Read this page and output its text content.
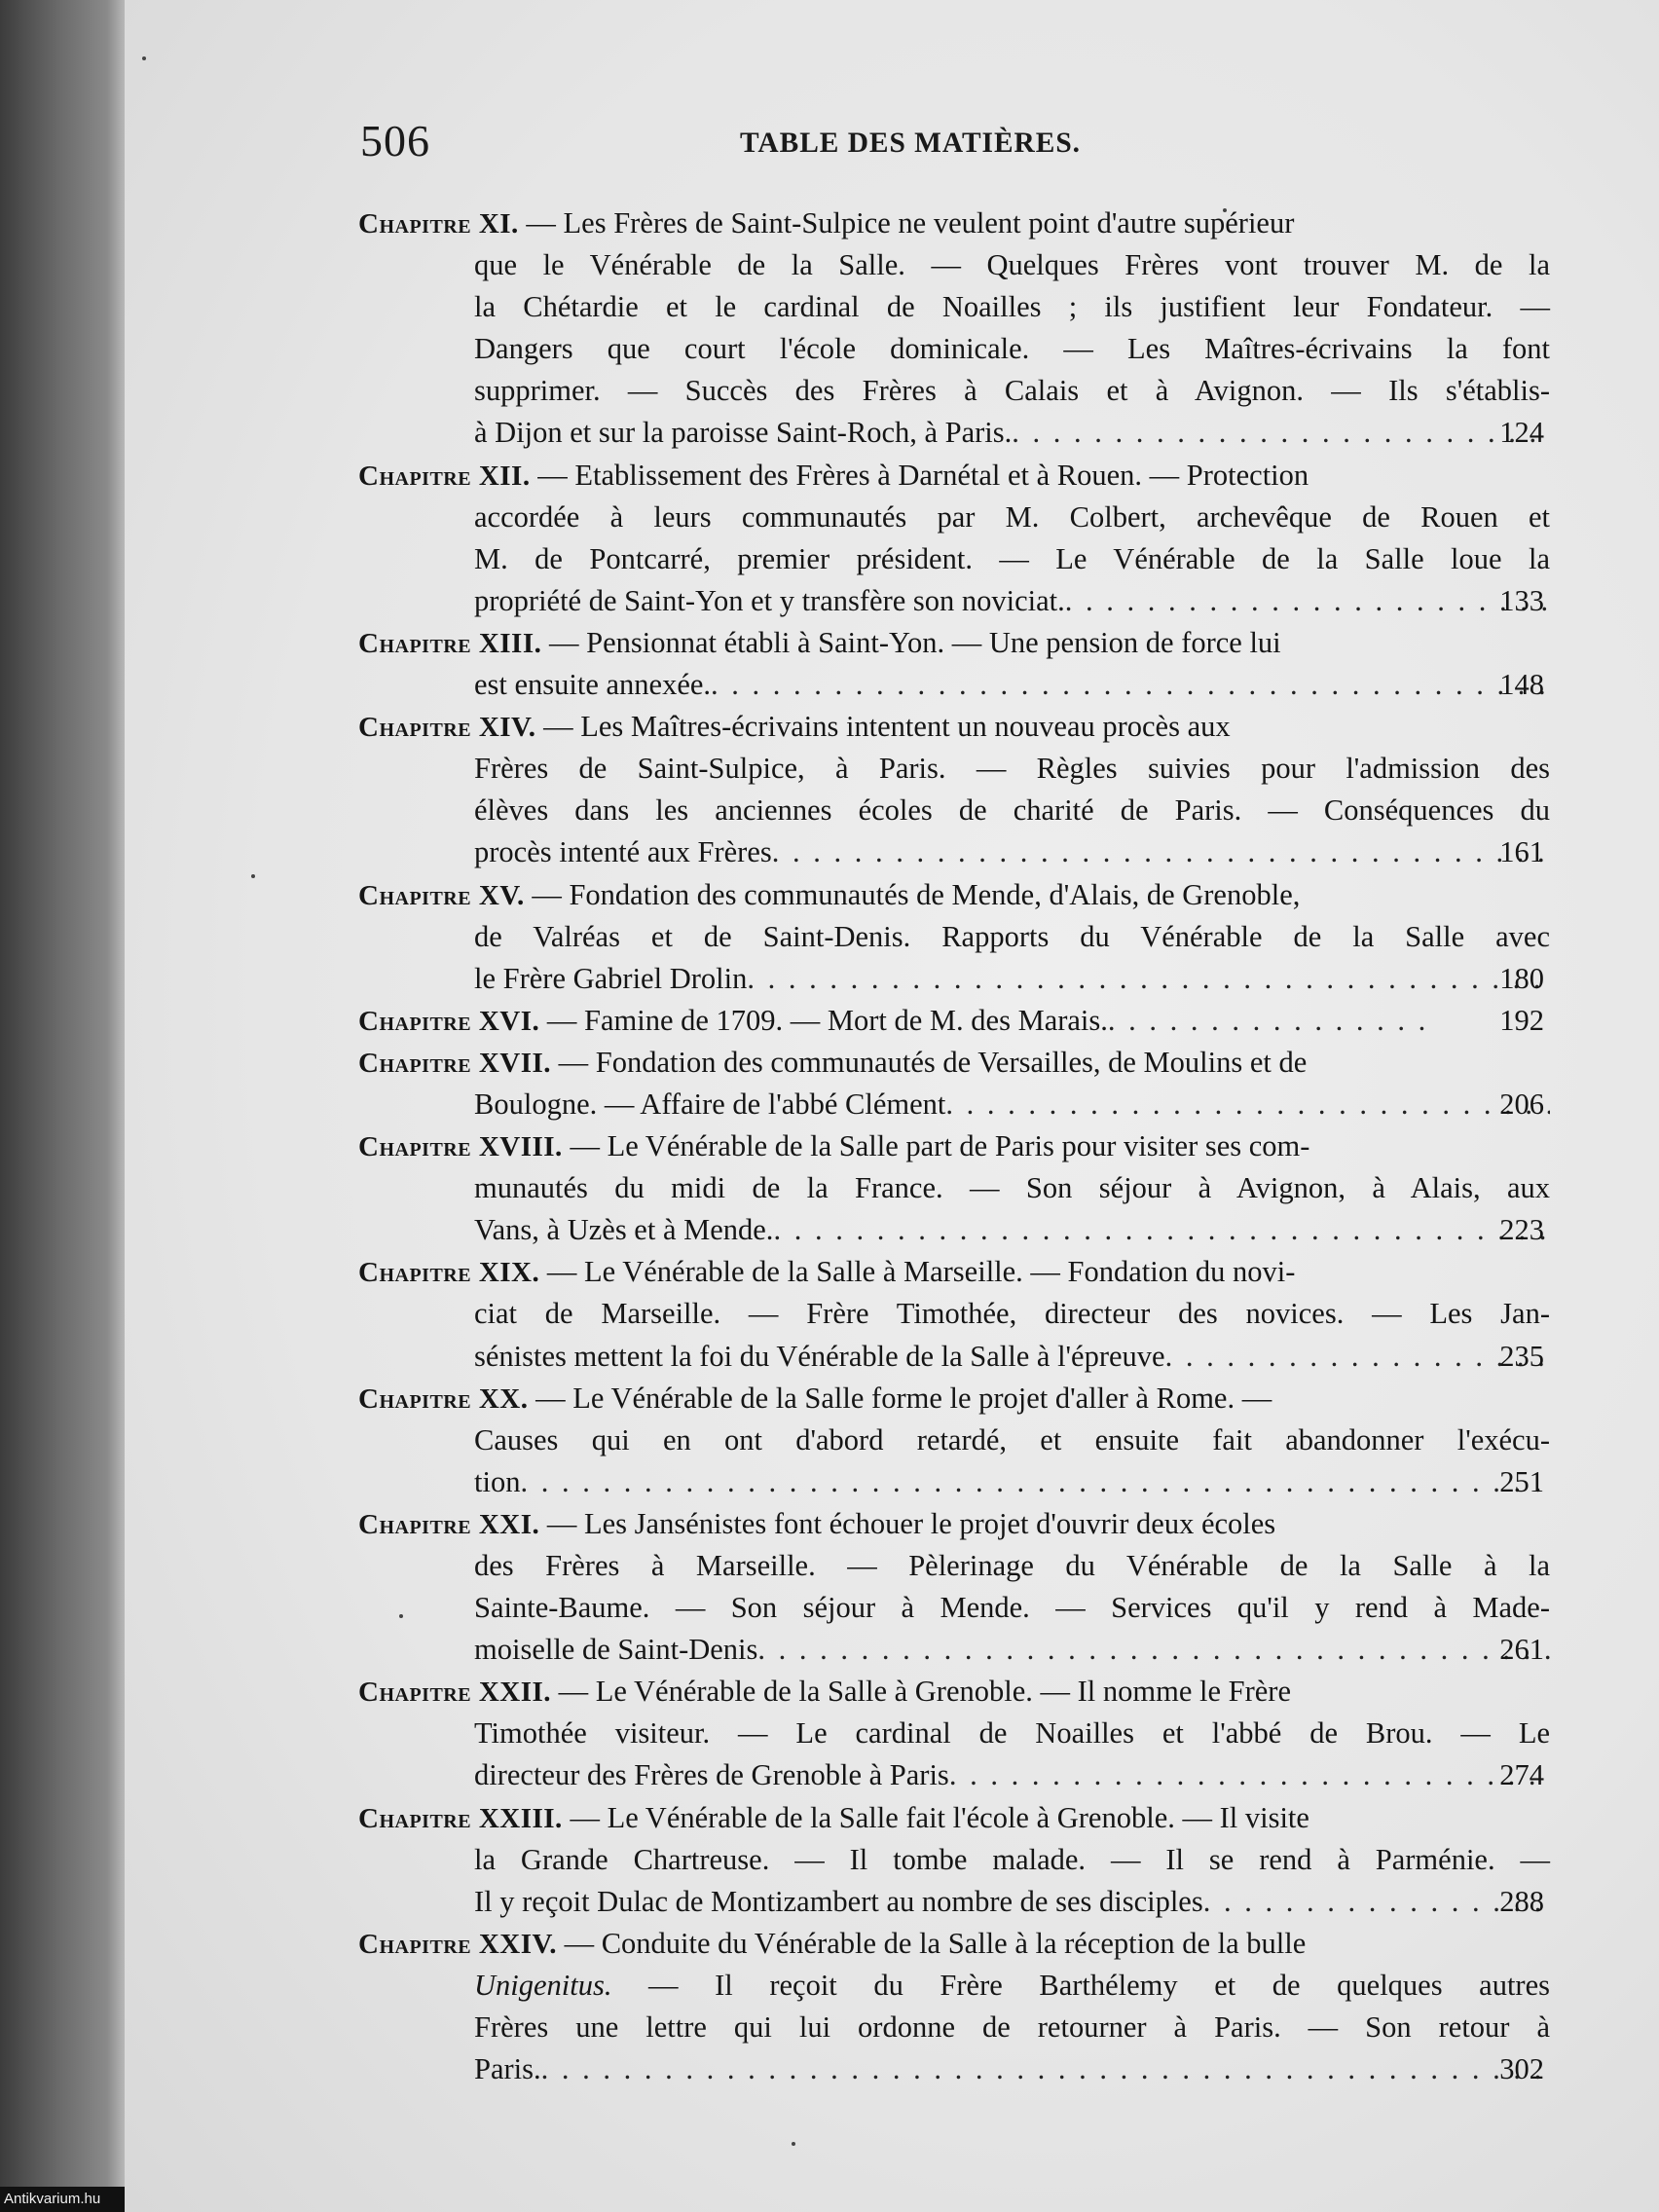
506	TABLE DES MATIÈRES.
Chapitre XI. — Les Frères de Saint-Sulpice ne veulent point d'autre supérieur
que le Vénérable de la Salle. — Quelques Frères vont trouver M. de la
la Chétardie et le cardinal de Noailles ; ils justifient leur Fondateur. —
Dangers que court l'école dominicale. — Les Maîtres-écrivains la font
supprimer. — Succès des Frères à Calais et à Avignon. — Ils s'établis-
à Dijon et sur la paroisse Saint-Roch, à Paris. . .	124
Chapitre XII. — Etablissement des Frères à Darnétal et à Rouen. — Protection
accordée à leurs communautés par M. Colbert, archevêque de Rouen et
M. de Pontcarré, premier président. — Le Vénérable de la Salle loue la
propriété de Saint-Yon et y transfère son noviciat. . .	133
Chapitre XIII. — Pensionnat établi à Saint-Yon. — Une pension de force lui
est ensuite annexée. . .	148
Chapitre XIV. — Les Maîtres-écrivains intentent un nouveau procès aux
Frères de Saint-Sulpice, à Paris. — Règles suivies pour l'admission des
élèves dans les anciennes écoles de charité de Paris. — Conséquences du
procès intenté aux Frères . .	161
Chapitre XV. — Fondation des communautés de Mende, d'Alais, de Grenoble,
de Valréas et de Saint-Denis. Rapports du Vénérable de la Salle avec
le Frère Gabriel Drolin . .	180
Chapitre XVI.
— Famine de 1709. — Mort de M. des Marais. . .	192
Chapitre XVII. — Fondation des communautés de Versailles, de Moulins et de
Boulogne. — Affaire de l'abbé Clément . .	206
Chapitre XVIII. — Le Vénérable de la Salle part de Paris pour visiter ses com-
munautés du midi de la France. — Son séjour à Avignon, à Alais, aux
Vans, à Uzès et à Mende. . .	223
Chapitre XIX. — Le Vénérable de la Salle à Marseille. — Fondation du novi-
ciat de Marseille. — Frère Timothée, directeur des novices. — Les Jan-
sénistes mettent la foi du Vénérable de la Salle à l'épreuve . .	235
Chapitre XX. — Le Vénérable de la Salle forme le projet d'aller à Rome. —
Causes qui en ont d'abord retardé, et ensuite fait abandonner l'exécu-
tion . .	251
Chapitre XXI. — Les Jansénistes font échouer le projet d'ouvrir deux écoles
des Frères à Marseille. — Pèlerinage du Vénérable de la Salle à la
Sainte-Baume. — Son séjour à Mende. — Services qu'il y rend à Made-
moiselle de Saint-Denis . .	261
Chapitre XXII. — Le Vénérable de la Salle à Grenoble. — Il nomme le Frère
Timothée visiteur. — Le cardinal de Noailles et l'abbé de Brou. — Le
directeur des Frères de Grenoble à Paris . .	274
Chapitre XXIII. — Le Vénérable de la Salle fait l'école à Grenoble. — Il visite
la Grande Chartreuse. — Il tombe malade. — Il se rend à Parménie. —
Il y reçoit Dulac de Montizambert au nombre de ses disciples . .	288
Chapitre XXIV. — Conduite du Vénérable de la Salle à la réception de la bulle
Unigenitus. — Il reçoit du Frère Barthélemy et de quelques autres
Frères une lettre qui lui ordonne de retourner à Paris. — Son retour à
Paris. . .	302
Antikvarium.hu
